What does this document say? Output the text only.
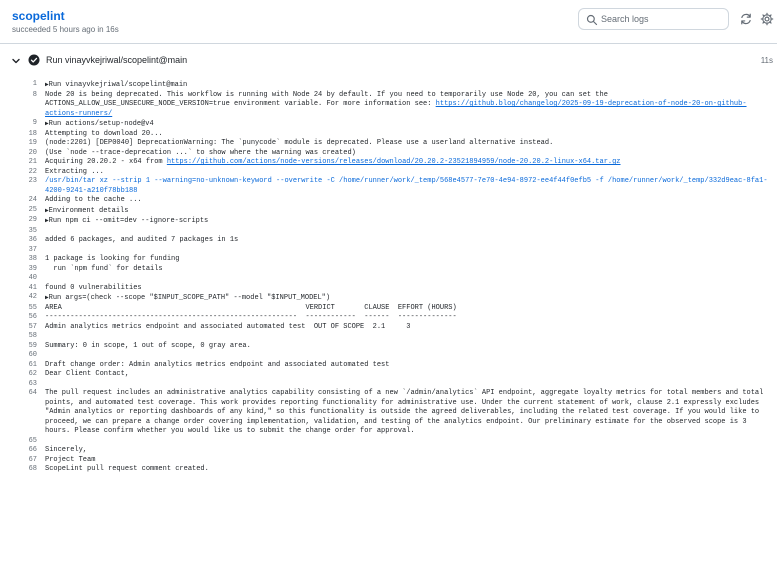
scopelint
succeeded 5 hours ago in 16s
Search logs
Run vinayvkejriwal/scopelint@main	11s
1 ▶Run vinayvkejriwal/scopelint@main
8 Node 20 is being deprecated. This workflow is running with Node 24 by default. If you need to temporarily use Node 20, you can set the ACTIONS_ALLOW_USE_UNSECURE_NODE_VERSION=true environment variable. For more information see: https://github.blog/changelog/2025-09-19-deprecation-of-node-20-on-github-actions-runners/
9 ▶Run actions/setup-node@v4
18 Attempting to download 20...
19 (node:2201) [DEP0040] DeprecationWarning: The `punycode` module is deprecated. Please use a userland alternative instead.
20 (Use `node --trace-deprecation ...` to show where the warning was created)
21 Acquiring 20.20.2 - x64 from https://github.com/actions/node-versions/releases/download/20.20.2-23521894959/node-20.20.2-linux-x64.tar.gz
22 Extracting ...
23 /usr/bin/tar xz --strip 1 --warning=no-unknown-keyword --overwrite -C /home/runner/work/_temp/568e4577-7e70-4e94-8972-ee4f44f0efb5 -f /home/runner/work/_temp/332d9eac-8fa1-4200-9241-a210f78bb188
24 Adding to the cache ...
25 ▶Environment details
29 ▶Run npm ci --omit=dev --ignore-scripts
35
36 added 6 packages, and audited 7 packages in 1s
37
38 1 package is looking for funding
39 run `npm fund` for details
40
41 found 0 vulnerabilities
42 ▶Run args=(check --scope "$INPUT_SCOPE_PATH" --model "$INPUT_MODEL")
55 AREA                                                          VERDICT       CLAUSE  EFFORT (HOURS)
56 ------------------------------------------------------------  ------------  ------  --------------
57 Admin analytics metrics endpoint and associated automated test  OUT OF SCOPE  2.1     3
58
59 Summary: 0 in scope, 1 out of scope, 0 gray area.
60
61 Draft change order: Admin analytics metrics endpoint and associated automated test
62 Dear Client Contact,
63
64 The pull request includes an administrative analytics capability consisting of a new `/admin/analytics` API endpoint, aggregate loyalty metrics for total members and total points, and automated test coverage. This work provides reporting functionality for administrative use. Under the current statement of work, clause 2.1 expressly excludes "Admin analytics or reporting dashboards of any kind," so this functionality is outside the agreed deliverables, including the related test coverage. If you would like to proceed, we can prepare a change order covering implementation, validation, and testing of the analytics endpoint. Our preliminary estimate for the observed scope is 3 hours. Please confirm whether you would like us to submit the change order for approval.
65
66 Sincerely,
67 Project Team
68 ScopeLint pull request comment created.
